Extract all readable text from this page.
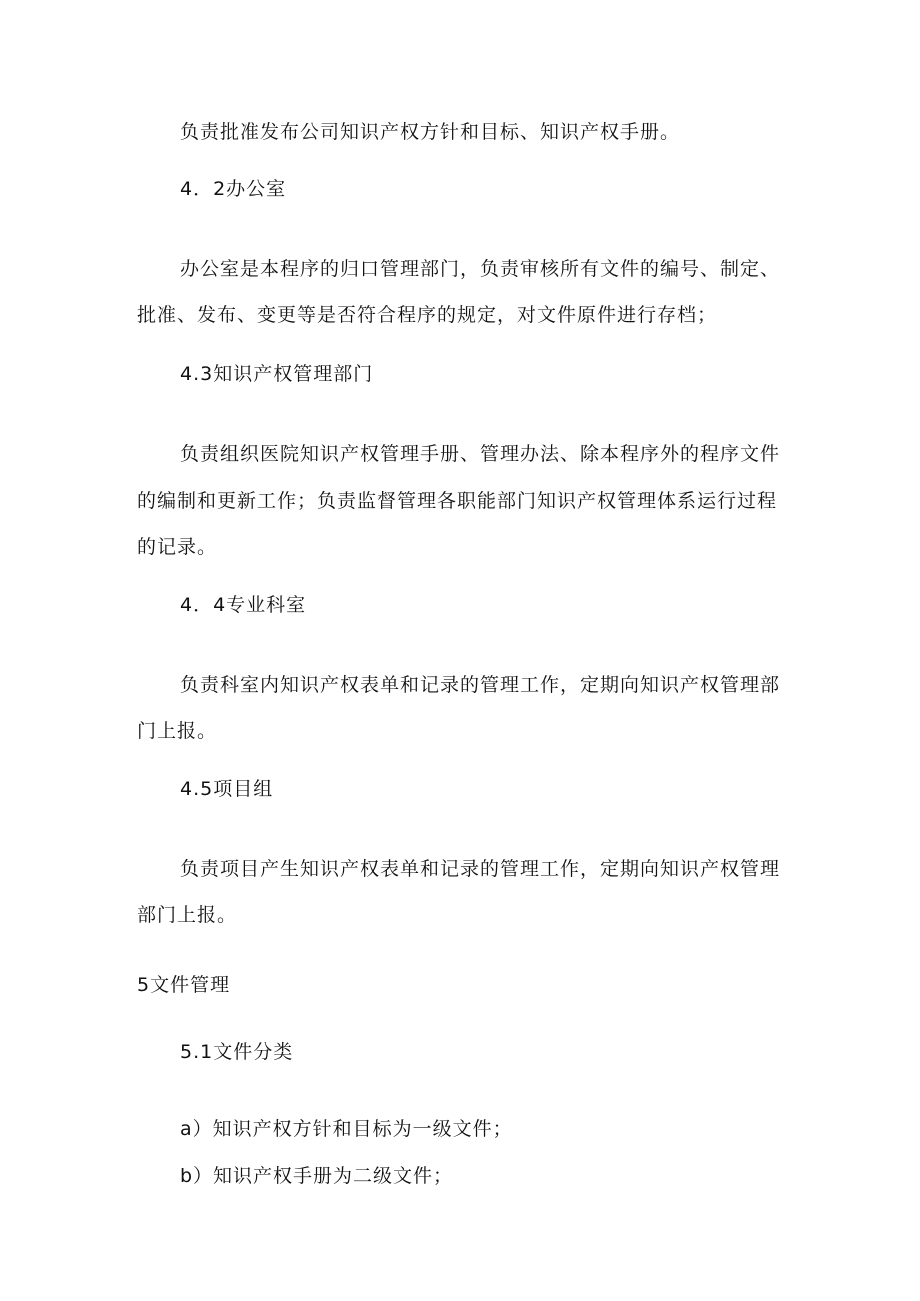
负责批准发布公司知识产权方针和目标、知识产权手册。

4．2办公室

办公室是本程序的归口管理部门，负责审核所有文件的编号、制定、

批准、发布、变更等是否符合程序的规定，对文件原件进行存档；

4.3知识产权管理部门

负责组织医院知识产权管理手册、管理办法、除本程序外的程序文件

的编制和更新工作；负责监督管理各职能部门知识产权管理体系运行过程

的记录。

4．4专业科室

负责科室内知识产权表单和记录的管理工作，定期向知识产权管理部

门上报。

4.5项目组

负责项目产生知识产权表单和记录的管理工作，定期向知识产权管理

部门上报。

5文件管理

5.1文件分类

a）知识产权方针和目标为一级文件；

b）知识产权手册为二级文件；
